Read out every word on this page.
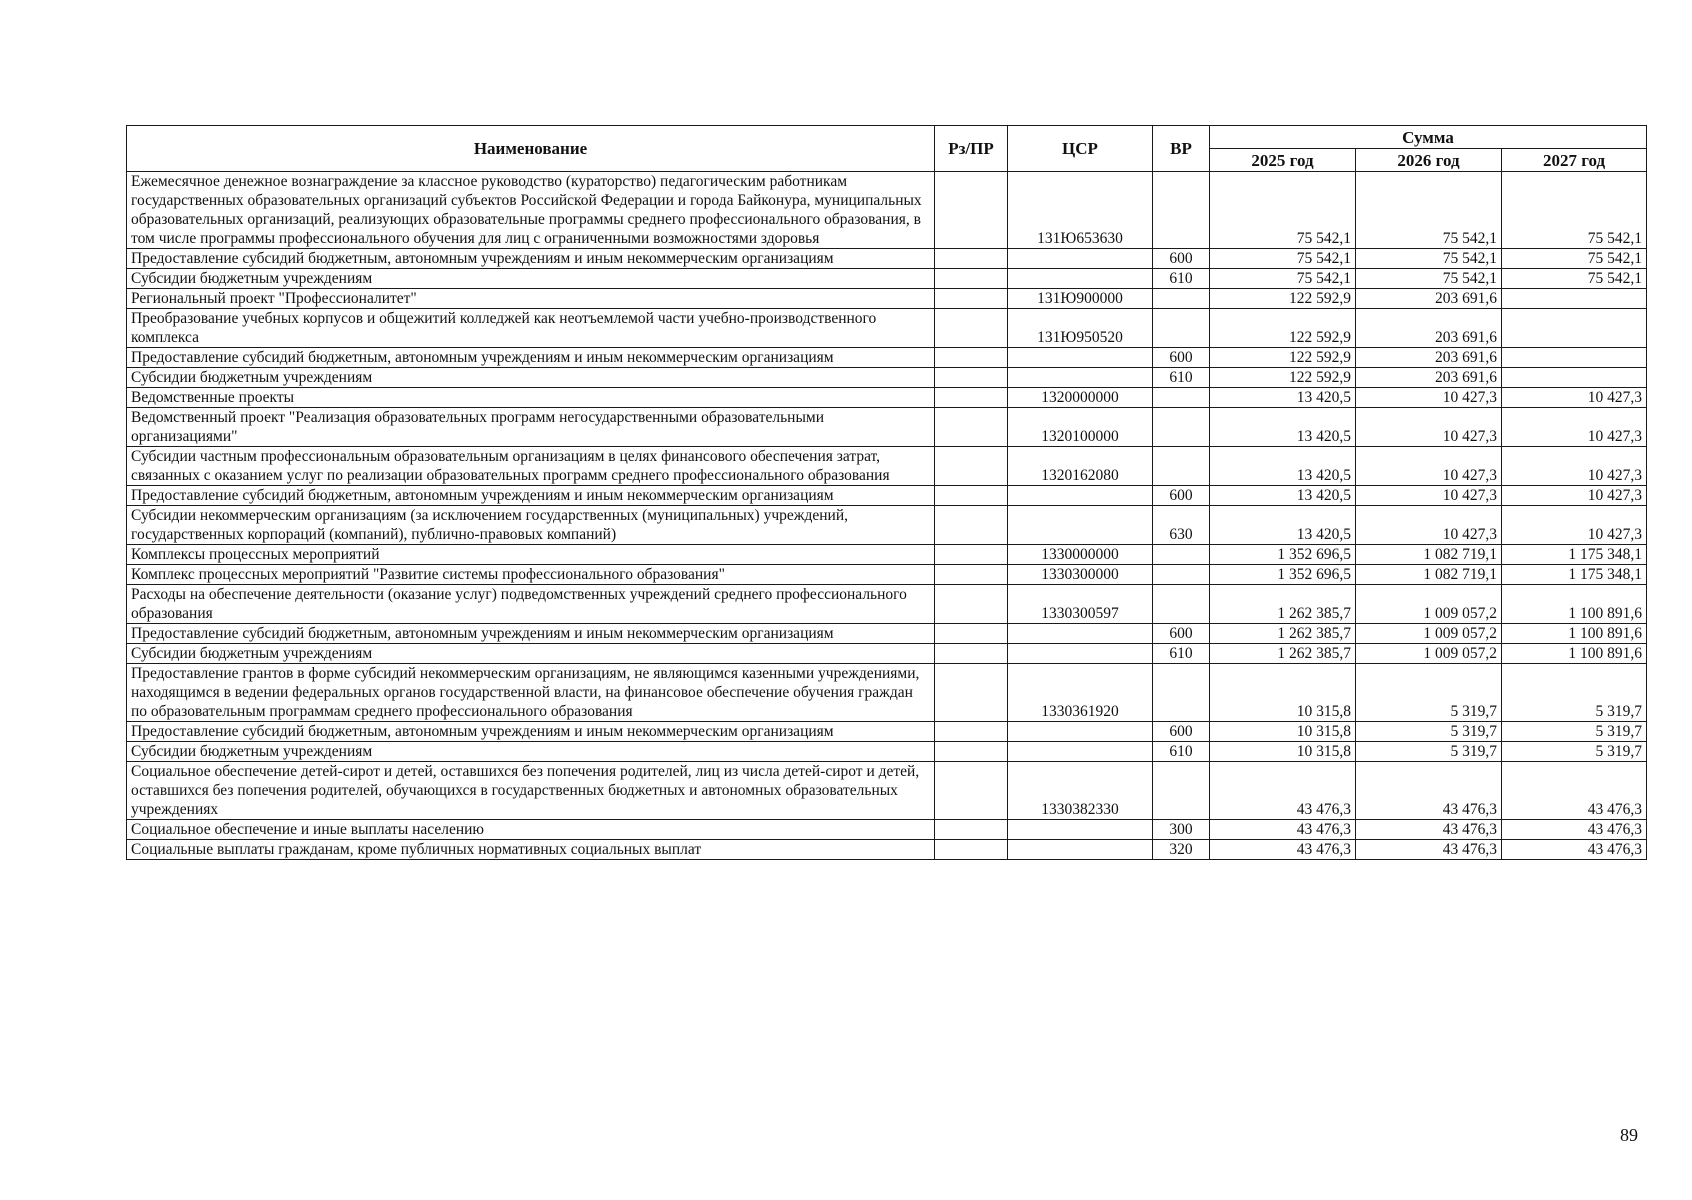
Наименование	Рз/ПР	ЦСР	ВР	Сумма		
				2025 год	2026 год	2027 год
Ежемесячное денежное вознаграждение за классное руководство (кураторство) педагогическим работникам государственных образовательных организаций субъектов Российской Федерации и города Байконура, муниципальных образовательных организаций, реализующих образовательные программы среднего профессионального образования, в том числе программы профессионального обучения для лиц с ограниченными возможностями здоровья		131Ю653630		75 542,1	75 542,1	75 542,1
Предоставление субсидий бюджетным, автономным учреждениям и иным некоммерческим организациям			600	75 542,1	75 542,1	75 542,1
Субсидии бюджетным учреждениям			610	75 542,1	75 542,1	75 542,1
Региональный проект "Профессионалитет"		131Ю900000		122 592,9	203 691,6	
Преобразование учебных корпусов и общежитий колледжей как неотъемлемой части учебно-производственного комплекса		131Ю950520		122 592,9	203 691,6	
Предоставление субсидий бюджетным, автономным учреждениям и иным некоммерческим организациям			600	122 592,9	203 691,6	
Субсидии бюджетным учреждениям			610	122 592,9	203 691,6	
Ведомственные проекты		1320000000		13 420,5	10 427,3	10 427,3
Ведомственный проект "Реализация образовательных программ негосударственными образовательными организациями"		1320100000		13 420,5	10 427,3	10 427,3
Субсидии частным профессиональным образовательным организациям в целях финансового обеспечения затрат, связанных с оказанием услуг по реализации образовательных программ среднего профессионального образования		1320162080		13 420,5	10 427,3	10 427,3
Предоставление субсидий бюджетным, автономным учреждениям и иным некоммерческим организациям			600	13 420,5	10 427,3	10 427,3
Субсидии некоммерческим организациям (за исключением государственных (муниципальных) учреждений, государственных корпораций (компаний), публично-правовых компаний)			630	13 420,5	10 427,3	10 427,3
Комплексы процессных мероприятий		1330000000		1 352 696,5	1 082 719,1	1 175 348,1
Комплекс процессных мероприятий "Развитие системы профессионального образования"		1330300000		1 352 696,5	1 082 719,1	1 175 348,1
Расходы на обеспечение деятельности (оказание услуг) подведомственных учреждений среднего профессионального образования		1330300597		1 262 385,7	1 009 057,2	1 100 891,6
Предоставление субсидий бюджетным, автономным учреждениям и иным некоммерческим организациям			600	1 262 385,7	1 009 057,2	1 100 891,6
Субсидии бюджетным учреждениям			610	1 262 385,7	1 009 057,2	1 100 891,6
Предоставление грантов в форме субсидий некоммерческим организациям, не являющимся казенными учреждениями, находящимся в ведении федеральных органов государственной власти, на финансовое обеспечение обучения граждан по образовательным программам среднего профессионального образования		1330361920		10 315,8	5 319,7	5 319,7
Предоставление субсидий бюджетным, автономным учреждениям и иным некоммерческим организациям			600	10 315,8	5 319,7	5 319,7
Субсидии бюджетным учреждениям			610	10 315,8	5 319,7	5 319,7
Социальное обеспечение детей-сирот и детей, оставшихся без попечения родителей, лиц из числа детей-сирот и детей, оставшихся без попечения родителей, обучающихся в государственных бюджетных и автономных образовательных учреждениях		1330382330		43 476,3	43 476,3	43 476,3
Социальное обеспечение и иные выплаты населению			300	43 476,3	43 476,3	43 476,3
Социальные выплаты гражданам, кроме публичных нормативных социальных выплат			320	43 476,3	43 476,3	43 476,3
89
